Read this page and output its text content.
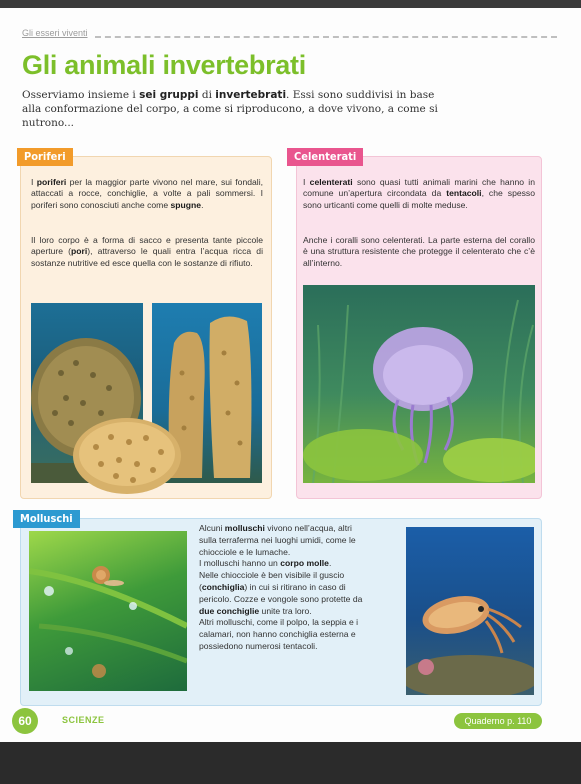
Gli esseri viventi
Gli animali invertebrati

Osserviamo insieme i sei gruppi di invertebrati. Essi sono suddivisi in base alla conformazione del corpo, a come si riproducono, a dove vivono, a come si nutrono...

Poriferi

I poriferi per la maggior parte vivono nel mare, sui fondali, attaccati a rocce, conchiglie, a volte a pali sommersi. I poriferi sono conosciuti anche come spugne.

Il loro corpo è a forma di sacco e presenta tante piccole aperture (pori), attraverso le quali entra l’acqua ricca di sostanze nutritive ed esce quella con le sostanze di rifiuto.

Celenterati

I celenterati sono quasi tutti animali marini che hanno in comune un’apertura circondata da tentacoli, che spesso sono urticanti come quelli di molte meduse.

Anche i coralli sono celenterati. La parte esterna del corallo è una struttura resistente che protegge il celenterato che c’è all’interno.

Molluschi

Alcuni molluschi vivono nell’acqua, altri sulla terraferma nei luoghi umidi, come le chiocciole e le lumache.
I molluschi hanno un corpo molle.
Nelle chiocciole è ben visibile il guscio (conchiglia) in cui si ritirano in caso di pericolo. Cozze e vongole sono protette da due conchiglie unite tra loro.
Altri molluschi, come il polpo, la seppia e i calamari, non hanno conchiglia esterna e possiedono numerosi tentacoli.

60	SCIENZE	Quaderno p. 110
